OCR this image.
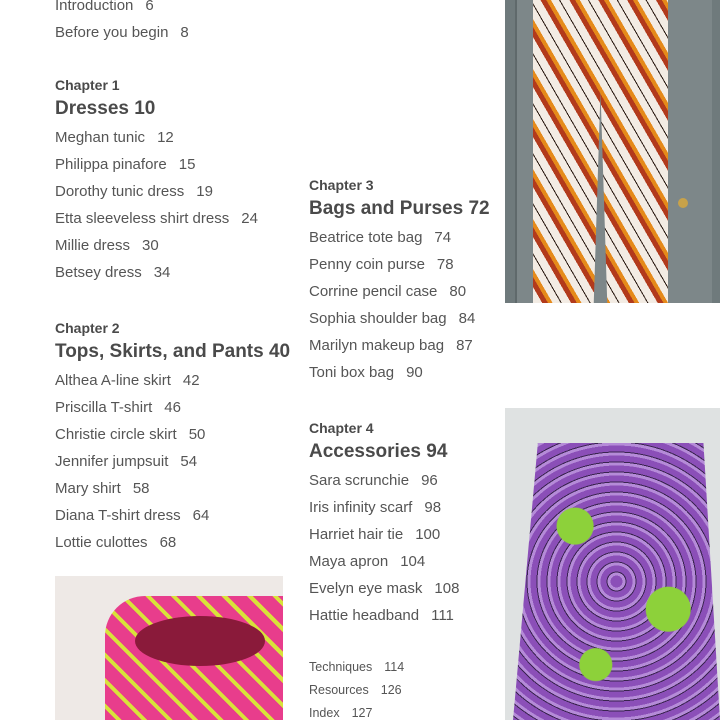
Introduction 6
Before you begin 8
Chapter 1
Dresses 10
Meghan tunic 12
Philippa pinafore 15
Dorothy tunic dress 19
Etta sleeveless shirt dress 24
Millie dress 30
Betsey dress 34
Chapter 2
Tops, Skirts, and Pants 40
Althea A-line skirt 42
Priscilla T-shirt 46
Christie circle skirt 50
Jennifer jumpsuit 54
Mary shirt 58
Diana T-shirt dress 64
Lottie culottes 68
Chapter 3
Bags and Purses 72
Beatrice tote bag 74
Penny coin purse 78
Corrine pencil case 80
Sophia shoulder bag 84
Marilyn makeup bag 87
Toni box bag 90
Chapter 4
Accessories 94
Sara scrunchie 96
Iris infinity scarf 98
Harriet hair tie 100
Maya apron 104
Evelyn eye mask 108
Hattie headband 111
Techniques 114
Resources 126
Index 127
